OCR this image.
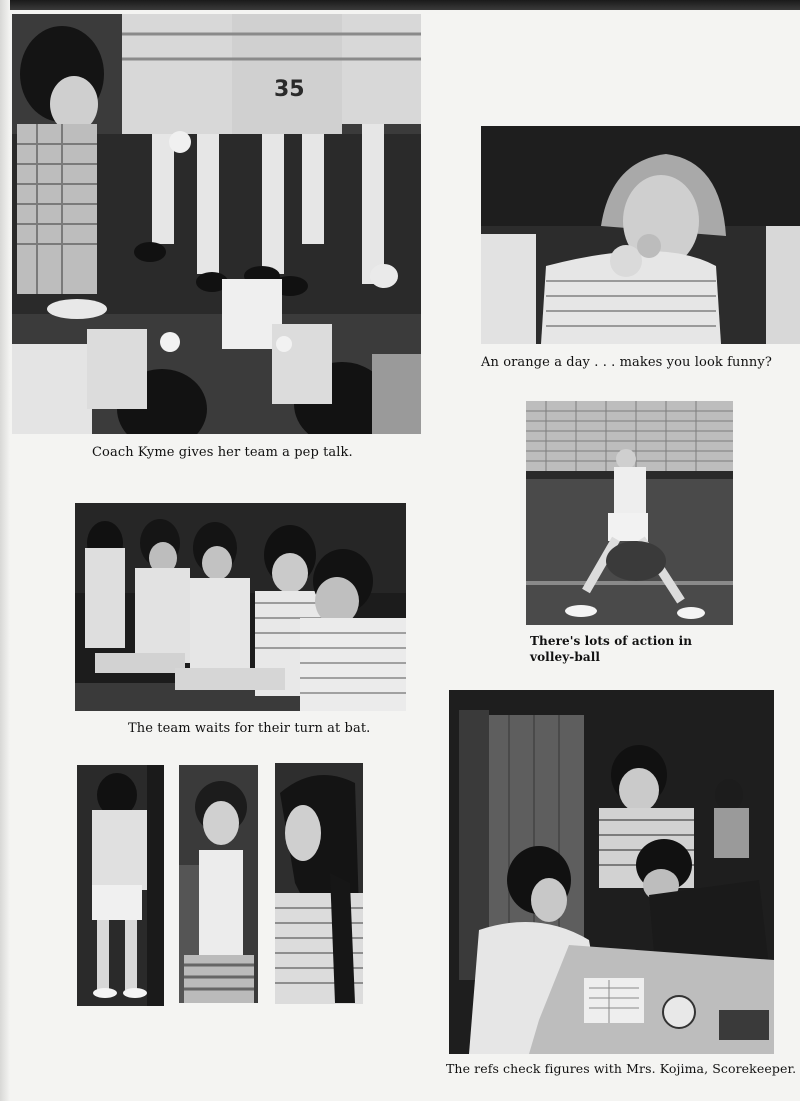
35
Coach Kyme gives her team a pep talk.
An orange a day . . . makes you look funny?
There's lots of action in volley-ball
The team waits for their turn at bat.
The refs check figures with Mrs. Kojima, Scorekeeper.
